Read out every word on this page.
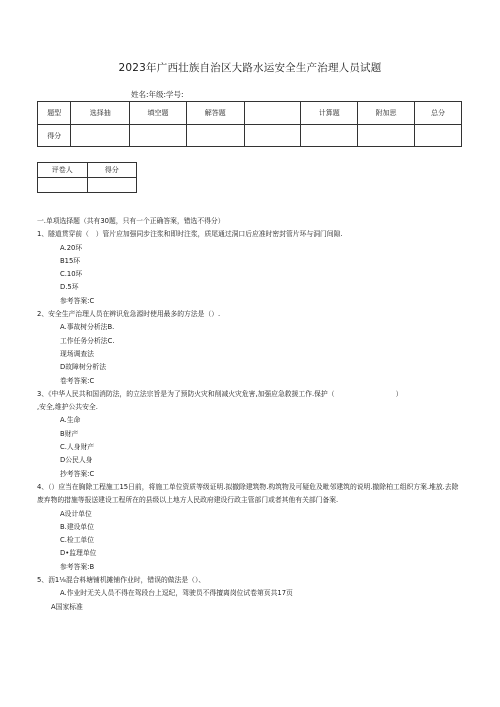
2023年广西壮族自治区大路水运安全生产治理人员试题
姓名:年级:学号:
题型	选择抽	填空题	解答题		计算题	附加思	总分
得分							
评卷人	得分

一.单项选择题（共有30题，只有一个正确答案，错选不得分）

1、隧道贯穿前（　）管片应加强同步注浆和即时注浆，质尾通过洞口后应准时密封管片环与洞门间隙.

A.20环

B15环

C.10环

D.5环

参考答案:C

2、安全生产治理人员在辨识危急源时使用最多的方法是（）.

A.事故树分析法B.

工作任务分析法C.

现场调查法

D故障树分析法

卷考答案:C

3、《中华人民共和国消防法，的立法宗旨是为了预防火灾和削减火灾危害,加强应急救援工作.保护（　　　　　　　　　）

,安全,维护公共安全.

A.生命

B财产

C.人身财产

D公民人身

抄考答案:C

4、（）应当在胸除工程施工15日前，将施工单位资质等级证明.拟撤除建筑物.构筑物及可疑危及毗邻建筑的说明.撤除柏工组织方案.堆放.去除废弃物的措施等报送建设工程所在的县级以上地方人民政府建设行政主管部门或者其他有关部门备案.

A设计单位

B.建设单位

C.检工单位

D•监理单位

参考答案:B

5、沥1⅛混合料塘铺机摊铺作业时，错误的做法是（）、

A.作业时无关人员不得在驾段台上逗纪，驾驶员不得擅离岗位试卷第页共17页

A国家标准
